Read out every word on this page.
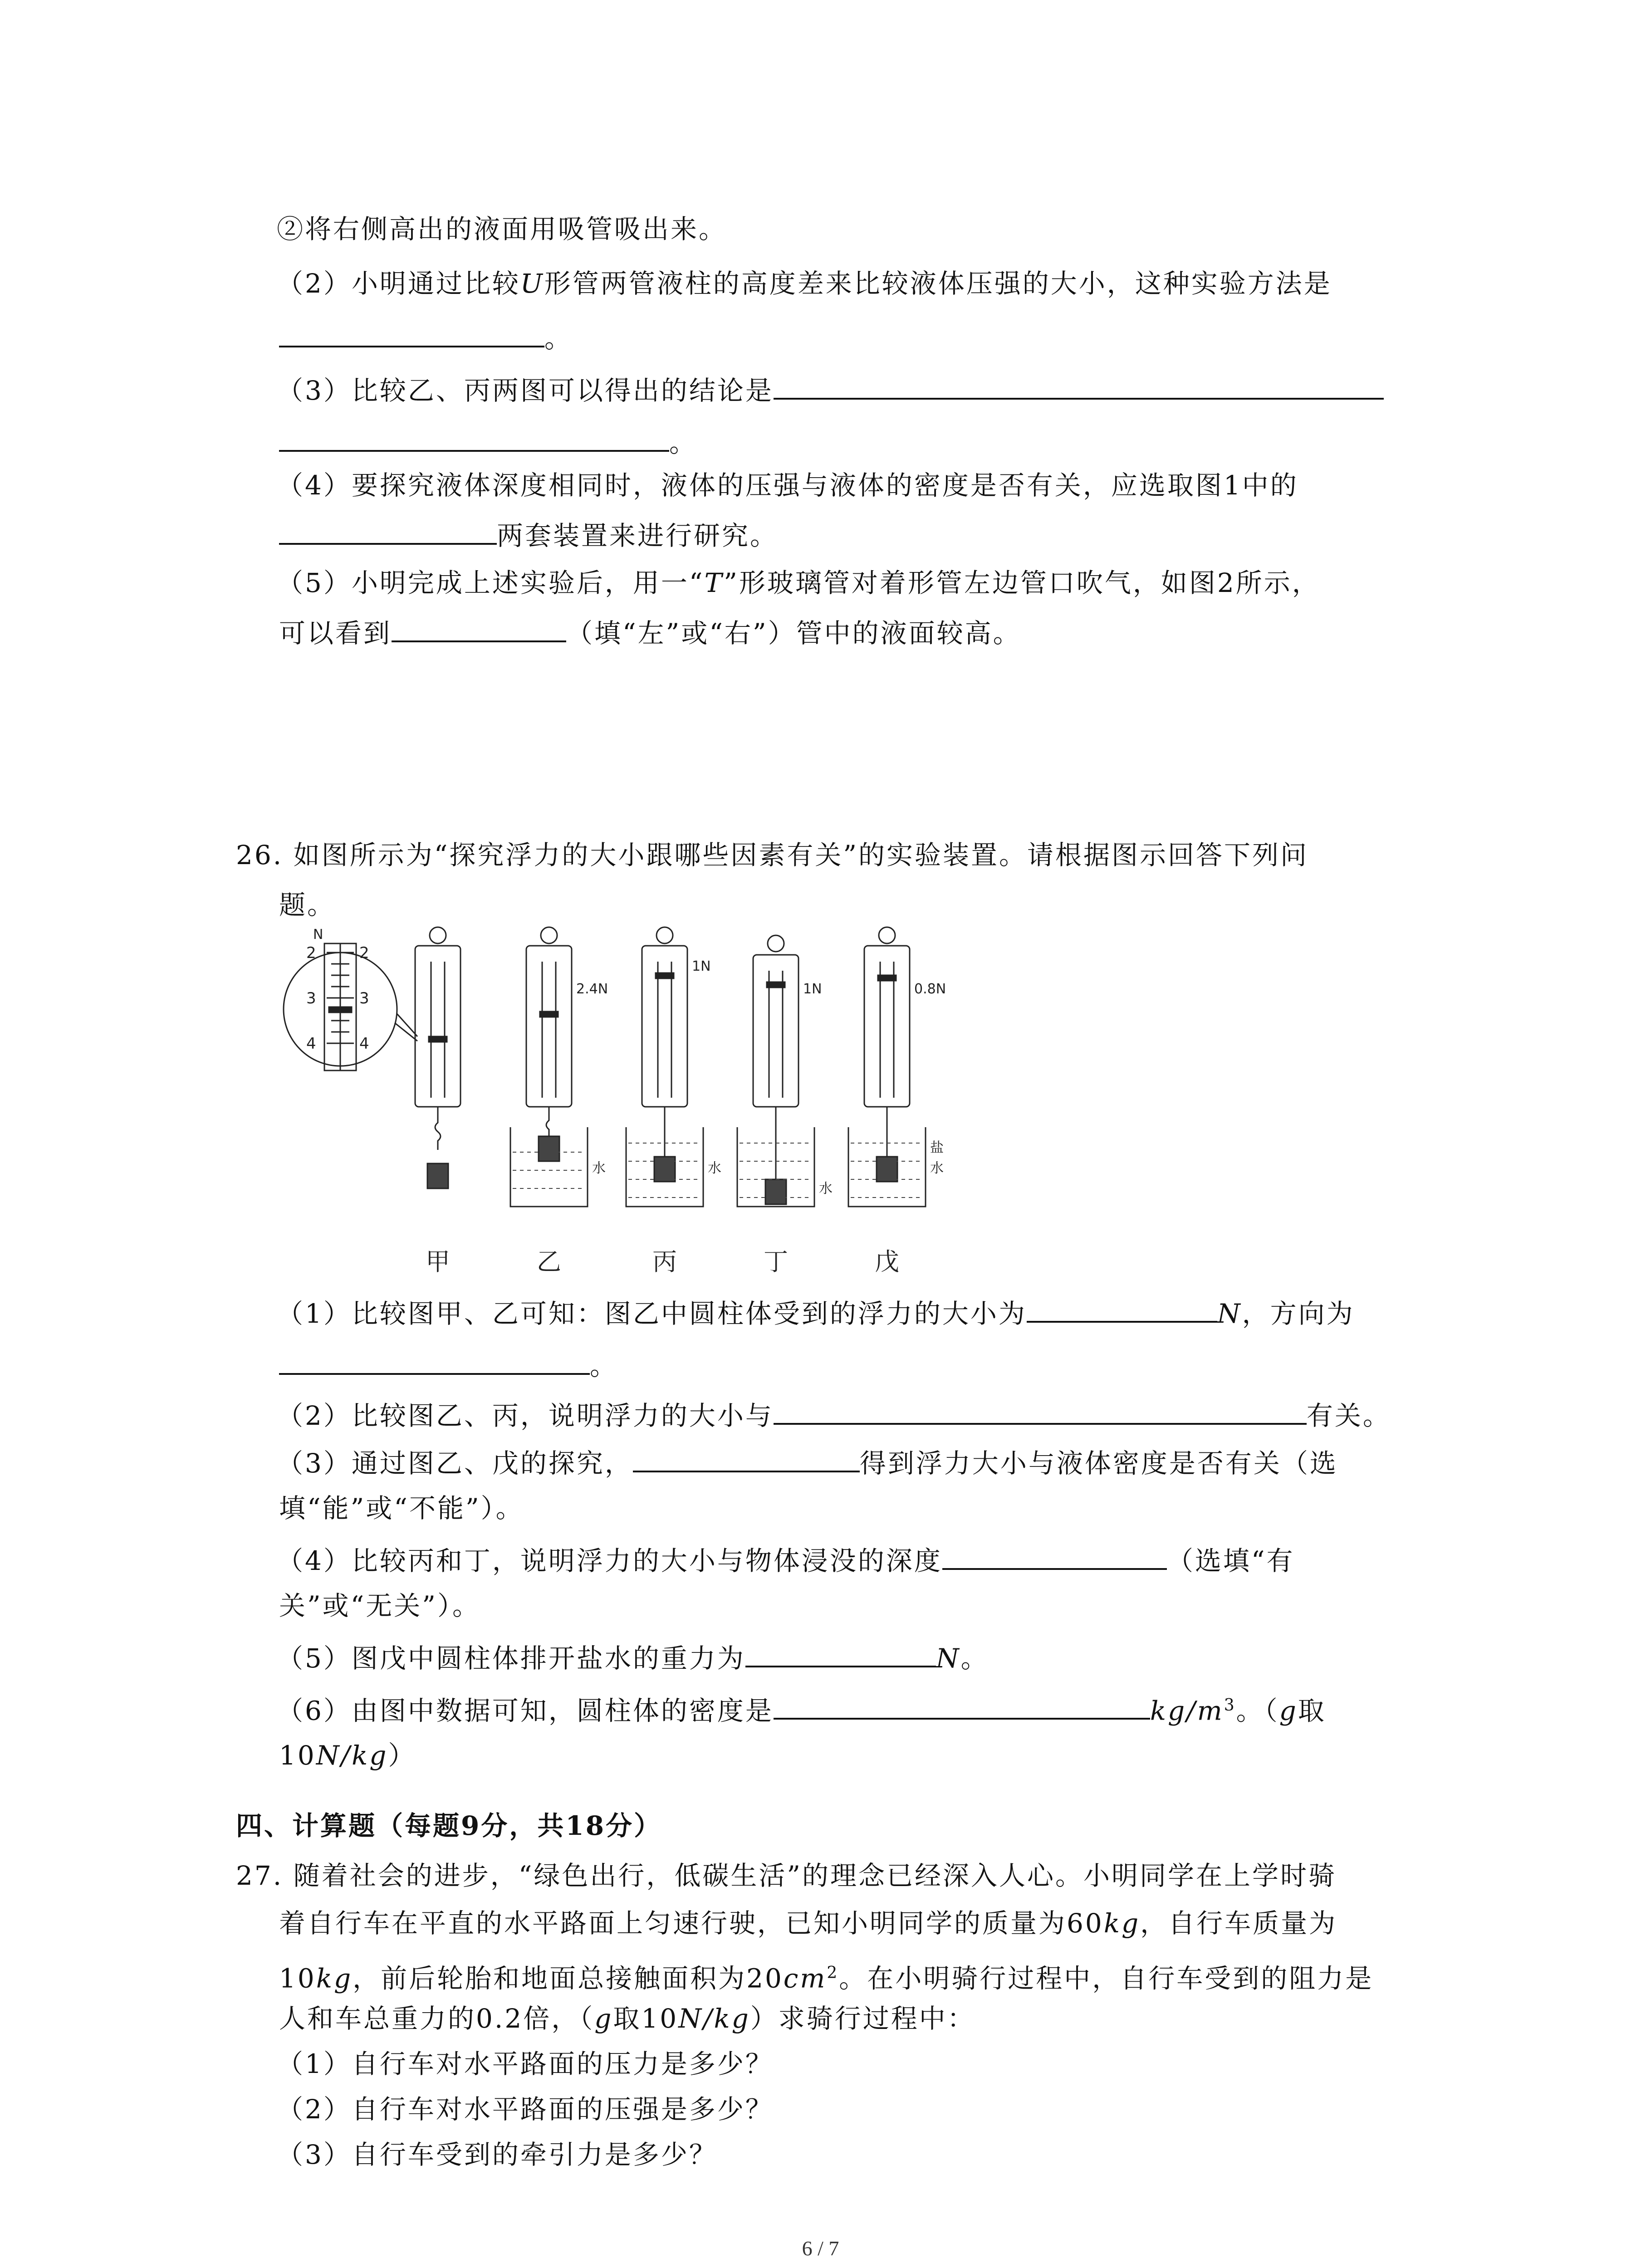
②将右侧高出的液面用吸管吸出来。
（2）小明通过比较U形管两管液柱的高度差来比较液体压强的大小，这种实验方法是
。
（3）比较乙、丙两图可以得出的结论是
。
（4）要探究液体深度相同时，液体的压强与液体的密度是否有关，应选取图1中的
两套装置来进行研究。
（5）小明完成上述实验后，用一“T”形玻璃管对着形管左边管口吹气，如图2所示，
可以看到	（填“左”或“右”）管中的液面较高。
26. 如图所示为“探究浮力的大小跟哪些因素有关”的实验装置。请根据图示回答下列问
题。
N
2
3
4
2
3
4
2.4N
1N
1N	0.8N
水	水
水
盐
水
甲	乙	丙	丁	戊
（1）比较图甲、乙可知：图乙中圆柱体受到的浮力的大小为	N，方向为
。
（2）比较图乙、丙，说明浮力的大小与	有关。
（3）通过图乙、戊的探究，	得到浮力大小与液体密度是否有关（选
填“能”或“不能”）。
（4）比较丙和丁，说明浮力的大小与物体浸没的深度	（选填“有
关”或“无关”）。
（5）图戊中圆柱体排开盐水的重力为	N。
（6）由图中数据可知，圆柱体的密度是	$kg/m^3$。（g取
10N/kg）
四、计算题（每题9分，共18分）
27. 随着社会的进步，“绿色出行，低碳生活”的理念已经深入人心。小明同学在上学时骑
着自行车在平直的水平路面上匀速行驶，已知小明同学的质量为60kg，自行车质量为
10kg，前后轮胎和地面总接触面积为$20cm^2$。在小明骑行过程中，自行车受到的阻力是
人和车总重力的0.2倍，（g取10N/kg）求骑行过程中：
（1）自行车对水平路面的压力是多少？
（2）自行车对水平路面的压强是多少？
（3）自行车受到的牵引力是多少？
6 / 7
